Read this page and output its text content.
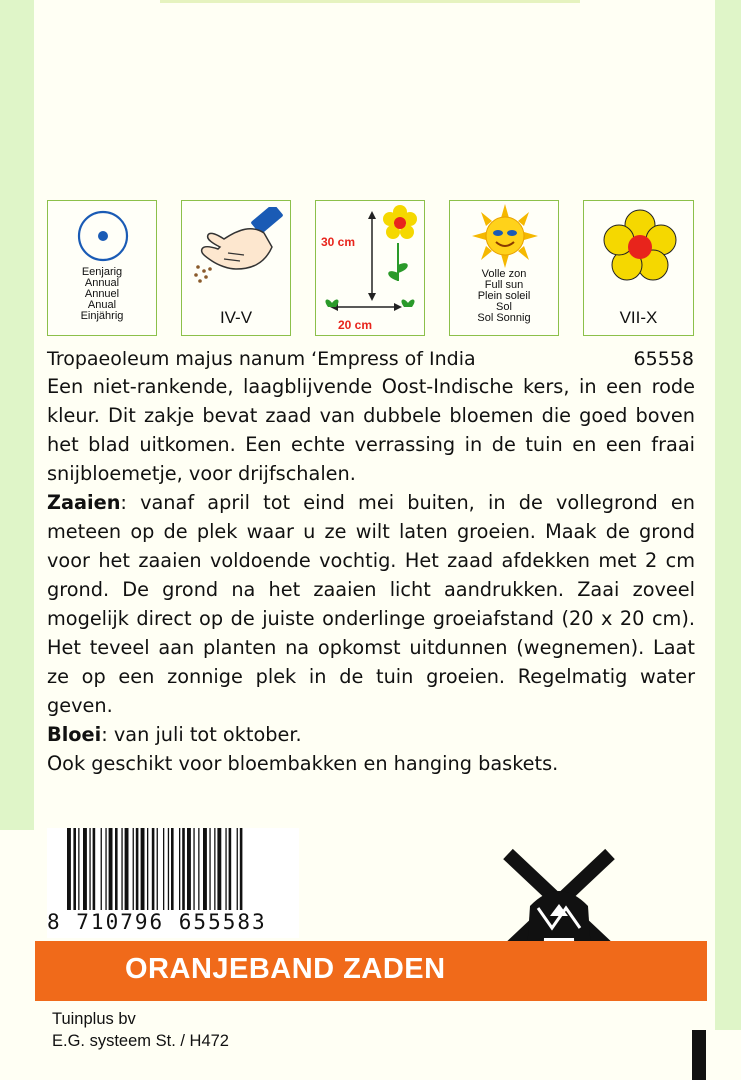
Eenjarig
Annual
Annuel
Anual
Einjährig	IV-V
30 cm
20 cm
Volle zon
Full sun
Plein soleil
Sol
Sol Sonnig	VII-X
Tropaeoleum majus nanum ‘Empress of India	65558

Een niet-rankende, laagblijvende Oost-Indische kers, in een rode kleur. Dit zakje bevat zaad van dubbele bloemen die goed boven het blad uitkomen. Een echte verrassing in de tuin en een fraai snijbloemetje, voor drijfschalen.

Zaaien: vanaf april tot eind mei buiten, in de vollegrond en meteen op de plek waar u ze wilt laten groeien. Maak de grond voor het zaaien voldoende vochtig. Het zaad afdekken met 2 cm grond. De grond na het zaaien licht aandrukken. Zaai zoveel mogelijk direct op de juiste onderlinge groeiafstand (20 x 20 cm). Het teveel aan planten na opkomst uitdunnen (wegnemen). Laat ze op een zonnige plek in de tuin groeien. Regelmatig water geven.

Bloei: van juli tot oktober.

Ook geschikt voor bloembakken en hanging baskets.

8 710796 655583
ORANJEBAND ZADEN
Tuinplus bv
E.G. systeem St. / H472
